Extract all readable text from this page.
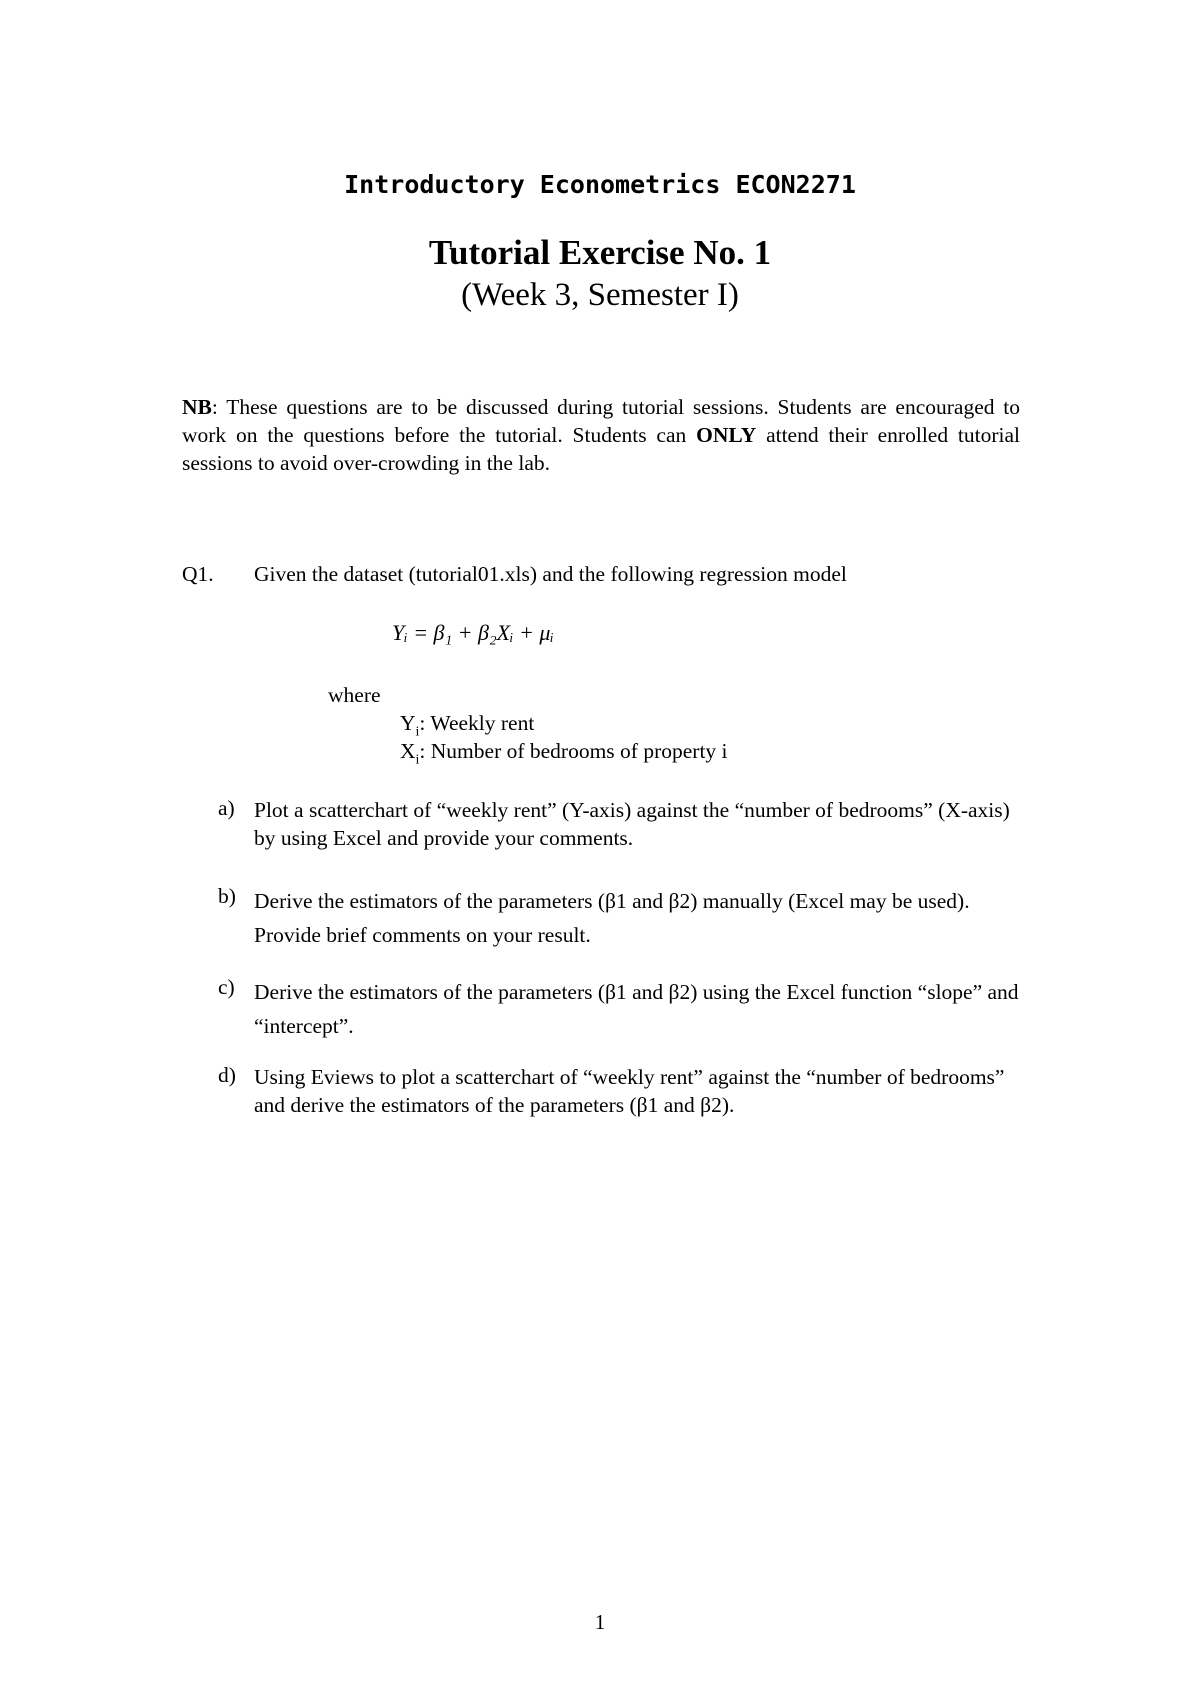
Introductory Econometrics ECON2271
Tutorial Exercise No. 1
(Week 3, Semester I)
NB: These questions are to be discussed during tutorial sessions. Students are encouraged to work on the questions before the tutorial. Students can ONLY attend their enrolled tutorial sessions to avoid over-crowding in the lab.
Q1. Given the dataset (tutorial01.xls) and the following regression model
Yᵢ = β₁ + β₂Xᵢ + μᵢ
where
$Y_i$: Weekly rent
$X_i$: Number of bedrooms of property i
a) Plot a scatterchart of “weekly rent” (Y-axis) against the “number of bedrooms” (X-axis) by using Excel and provide your comments.
b) Derive the estimators of the parameters (β1 and β2) manually (Excel may be used). Provide brief comments on your result.
c) Derive the estimators of the parameters (β1 and β2) using the Excel function “slope” and “intercept”.
d) Using Eviews to plot a scatterchart of “weekly rent” against the “number of bedrooms” and derive the estimators of the parameters (β1 and β2).
1
